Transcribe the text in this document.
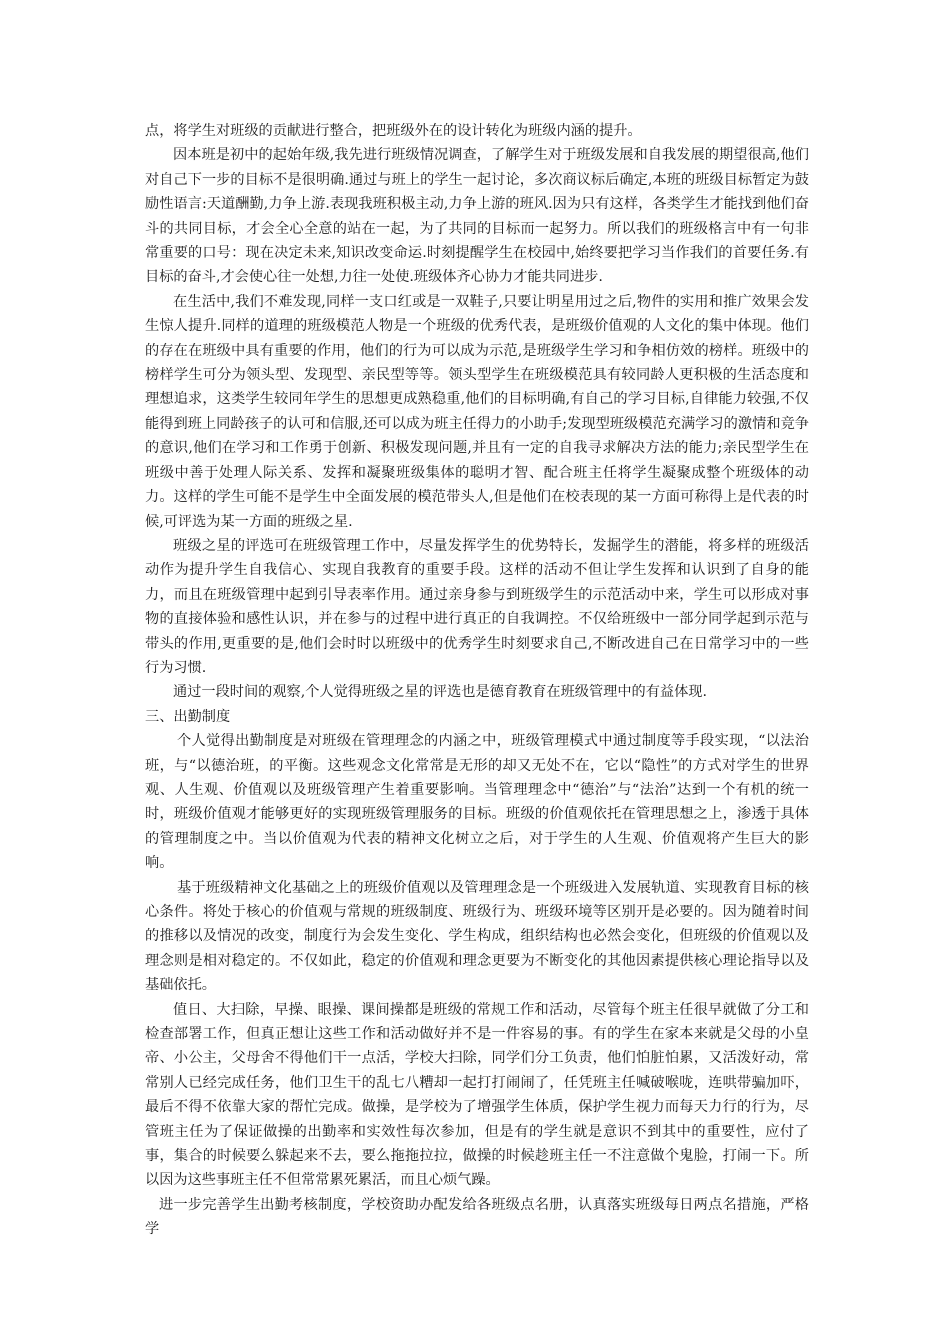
点，将学生对班级的贡献进行整合，把班级外在的设计转化为班级内涵的提升。

因本班是初中的起始年级,我先进行班级情况调查，了解学生对于班级发展和自我发展的期望很高,他们对自己下一步的目标不是很明确.通过与班上的学生一起讨论，多次商议标后确定,本班的班级目标暂定为鼓励性语言:天道酬勤,力争上游.表现我班积极主动,力争上游的班风.因为只有这样，各类学生才能找到他们奋斗的共同目标，才会全心全意的站在一起，为了共同的目标而一起努力。所以我们的班级格言中有一句非常重要的口号：现在决定未来,知识改变命运.时刻提醒学生在校园中,始终要把学习当作我们的首要任务.有目标的奋斗,才会使心往一处想,力往一处使.班级体齐心协力才能共同进步.

在生活中,我们不难发现,同样一支口红或是一双鞋子,只要让明星用过之后,物件的实用和推广效果会发生惊人提升.同样的道理的班级模范人物是一个班级的优秀代表，是班级价值观的人文化的集中体现。他们的存在在班级中具有重要的作用，他们的行为可以成为示范,是班级学生学习和争相仿效的榜样。班级中的榜样学生可分为领头型、发现型、亲民型等等。领头型学生在班级模范具有较同龄人更积极的生活态度和理想追求，这类学生较同年学生的思想更成熟稳重,他们的目标明确,有自己的学习目标,自律能力较强,不仅能得到班上同龄孩子的认可和信服,还可以成为班主任得力的小助手;发现型班级模范充满学习的激情和竞争的意识,他们在学习和工作勇于创新、积极发现问题,并且有一定的自我寻求解决方法的能力;亲民型学生在班级中善于处理人际关系、发挥和凝聚班级集体的聪明才智、配合班主任将学生凝聚成整个班级体的动力。这样的学生可能不是学生中全面发展的模范带头人,但是他们在校表现的某一方面可称得上是代表的时候,可评选为某一方面的班级之星.

班级之星的评选可在班级管理工作中，尽量发挥学生的优势特长，发掘学生的潜能，将多样的班级活动作为提升学生自我信心、实现自我教育的重要手段。这样的活动不但让学生发挥和认识到了自身的能力，而且在班级管理中起到引导表率作用。通过亲身参与到班级学生的示范活动中来，学生可以形成对事物的直接体验和感性认识，并在参与的过程中进行真正的自我调控。不仅给班级中一部分同学起到示范与带头的作用,更重要的是,他们会时时以班级中的优秀学生时刻要求自己,不断改进自己在日常学习中的一些行为习惯.

通过一段时间的观察,个人觉得班级之星的评选也是德育教育在班级管理中的有益体现.

三、出勤制度

个人觉得出勤制度是对班级在管理理念的内涵之中，班级管理模式中通过制度等手段实现，“以法治班，与“以德治班，的平衡。这些观念文化常常是无形的却又无处不在，它以“隐性”的方式对学生的世界观、人生观、价值观以及班级管理产生着重要影响。当管理理念中“德治”与“法治”达到一个有机的统一时，班级价值观才能够更好的实现班级管理服务的目标。班级的价值观依托在管理思想之上，渗透于具体的管理制度之中。当以价值观为代表的精神文化树立之后，对于学生的人生观、价值观将产生巨大的影响。

基于班级精神文化基础之上的班级价值观以及管理理念是一个班级进入发展轨道、实现教育目标的核心条件。将处于核心的价值观与常规的班级制度、班级行为、班级环境等区别开是必要的。因为随着时间的推移以及情况的改变，制度行为会发生变化、学生构成，组织结构也必然会变化，但班级的价值观以及理念则是相对稳定的。不仅如此，稳定的价值观和理念更要为不断变化的其他因素提供核心理论指导以及基础依托。

值日、大扫除，早操、眼操、课间操都是班级的常规工作和活动，尽管每个班主任很早就做了分工和检查部署工作，但真正想让这些工作和活动做好并不是一件容易的事。有的学生在家本来就是父母的小皇帝、小公主，父母舍不得他们干一点活，学校大扫除，同学们分工负责，他们怕脏怕累，又活泼好动，常常别人已经完成任务，他们卫生干的乱七八糟却一起打打闹闹了，任凭班主任喊破喉咙，连哄带骗加吓，最后不得不依靠大家的帮忙完成。做操，是学校为了增强学生体质，保护学生视力而每天力行的行为，尽管班主任为了保证做操的出勤率和实效性每次参加，但是有的学生就是意识不到其中的重要性，应付了事，集合的时候要么躲起来不去，要么拖拖拉拉，做操的时候趁班主任一不注意做个鬼脸，打闹一下。所以因为这些事班主任不但常常累死累活，而且心烦气躁。

进一步完善学生出勤考核制度，学校资助办配发给各班级点名册，认真落实班级每日两点名措施，严格学
